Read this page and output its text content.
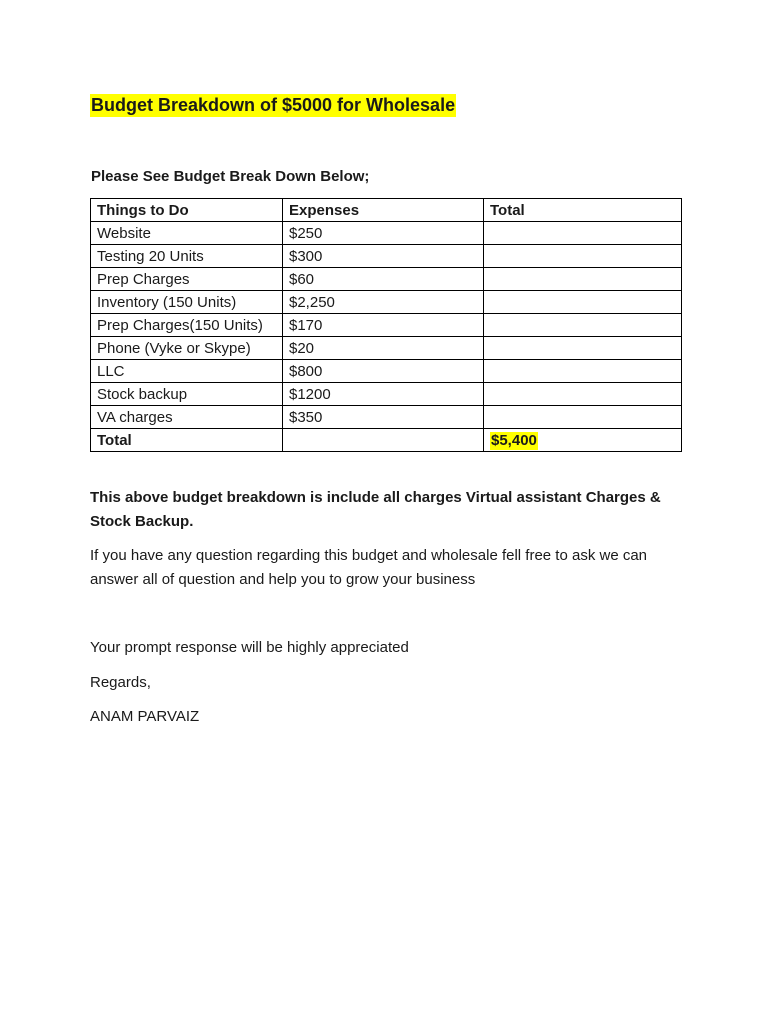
Budget Breakdown of $5000 for Wholesale

Please See Budget Break Down Below;

Things to Do	Expenses	Total
Website	$250	
Testing 20 Units	$300	
Prep Charges	$60	
Inventory (150 Units)	$2,250	
Prep Charges(150 Units)	$170	
Phone (Vyke or Skype)	$20	
LLC	$800	
Stock backup	$1200	
VA charges	$350	
Total		$5,400

This above budget breakdown is include all charges Virtual assistant Charges & Stock Backup.

If you have any question regarding this budget and wholesale fell free to ask we can answer all of question and help you to grow your business

Your prompt response will be highly appreciated

Regards,

ANAM PARVAIZ
